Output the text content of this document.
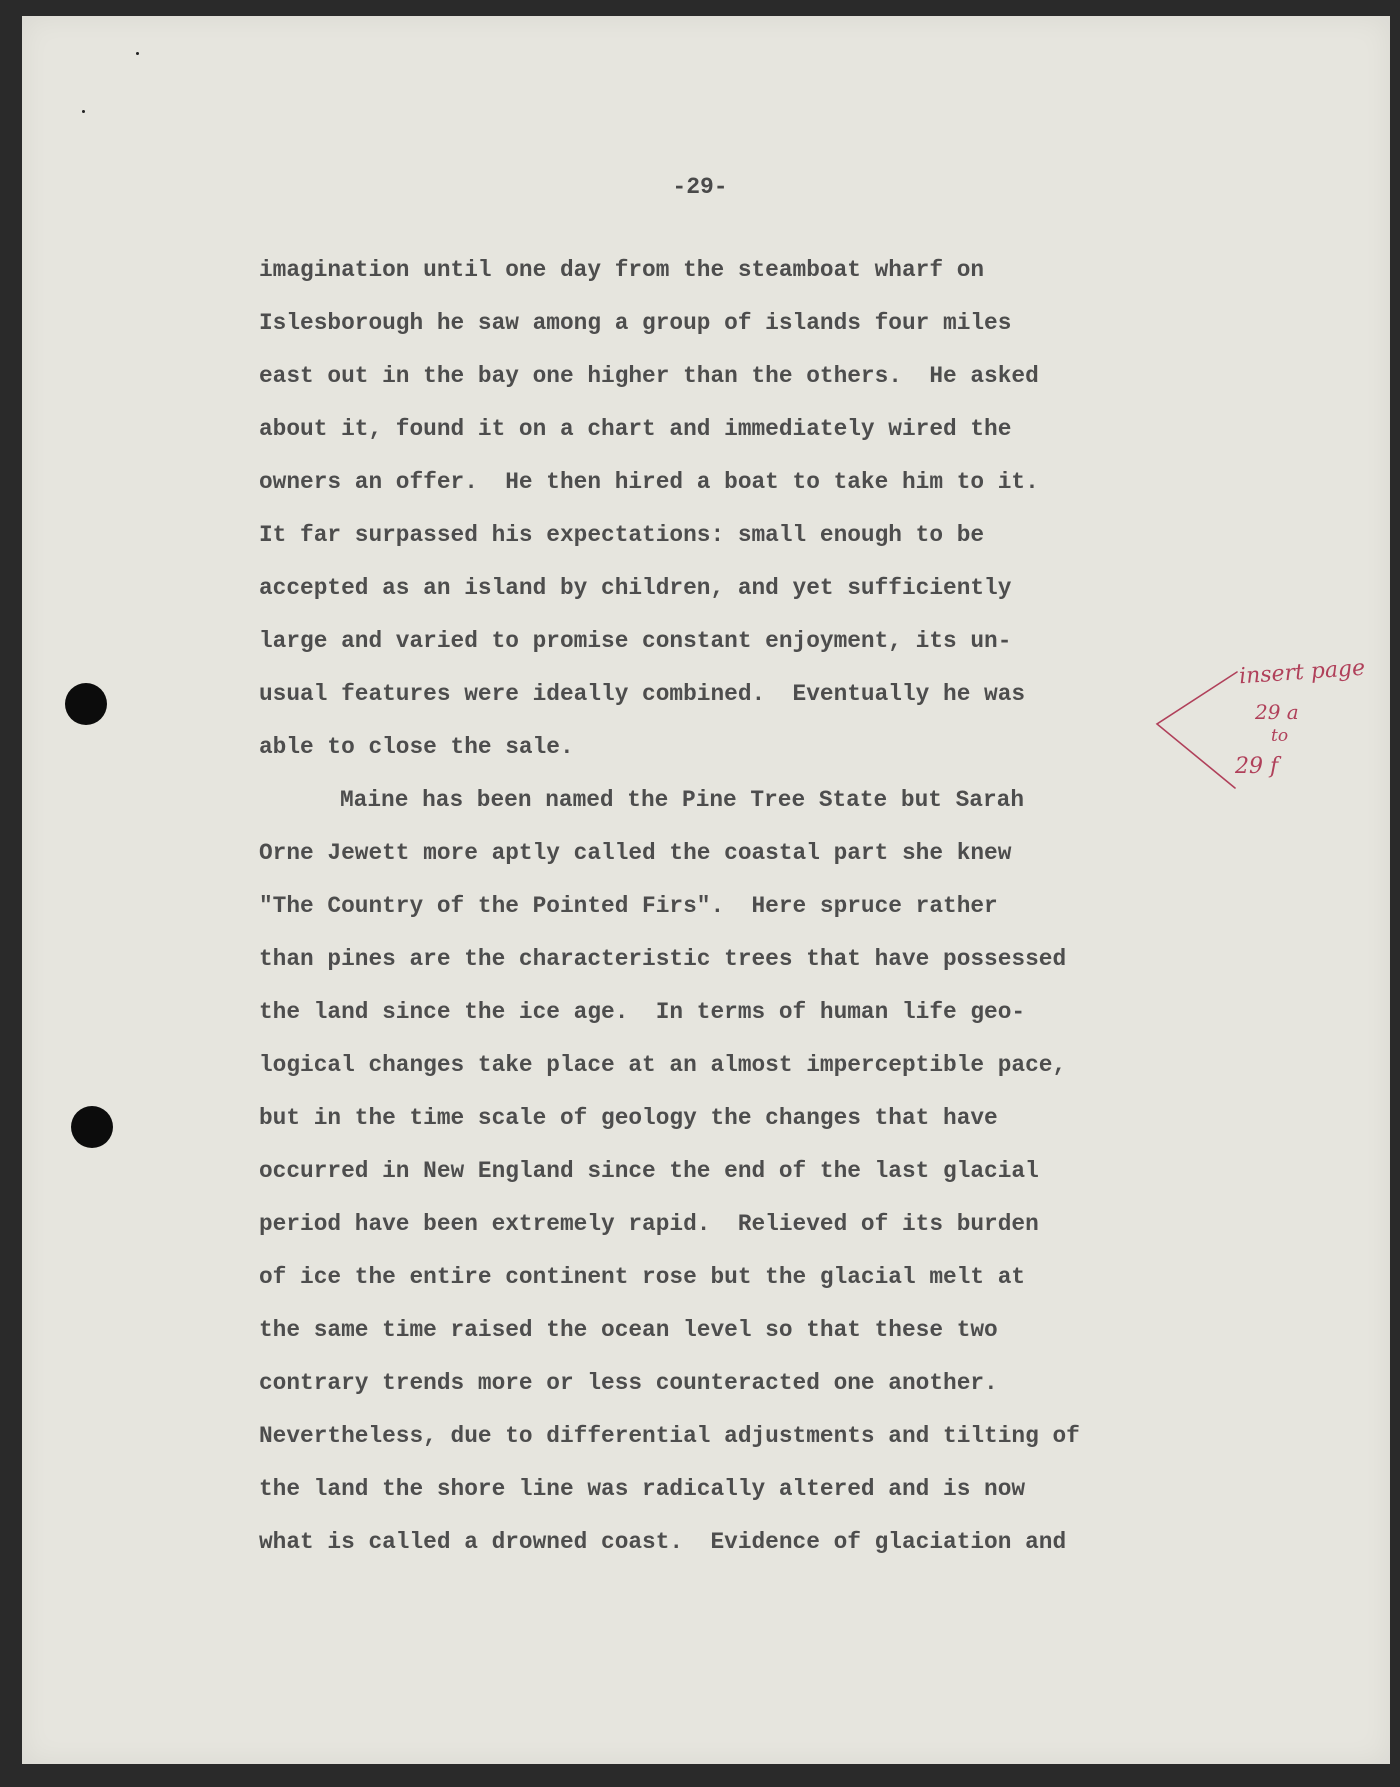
-29-
imagination until one day from the steamboat wharf on
Islesborough he saw among a group of islands four miles
east out in the bay one higher than the others.  He asked
about it, found it on a chart and immediately wired the
owners an offer.  He then hired a boat to take him to it.
It far surpassed his expectations: small enough to be
accepted as an island by children, and yet sufficiently
large and varied to promise constant enjoyment, its un-
usual features were ideally combined.  Eventually he was
able to close the sale.
Maine has been named the Pine Tree State but Sarah
Orne Jewett more aptly called the coastal part she knew
"The Country of the Pointed Firs".  Here spruce rather
than pines are the characteristic trees that have possessed
the land since the ice age.  In terms of human life geo-
logical changes take place at an almost imperceptible pace,
but in the time scale of geology the changes that have
occurred in New England since the end of the last glacial
period have been extremely rapid.  Relieved of its burden
of ice the entire continent rose but the glacial melt at
the same time raised the ocean level so that these two
contrary trends more or less counteracted one another.
Nevertheless, due to differential adjustments and tilting of
the land the shore line was radically altered and is now
what is called a drowned coast.  Evidence of glaciation and
insert page
29 a
to
29 f
